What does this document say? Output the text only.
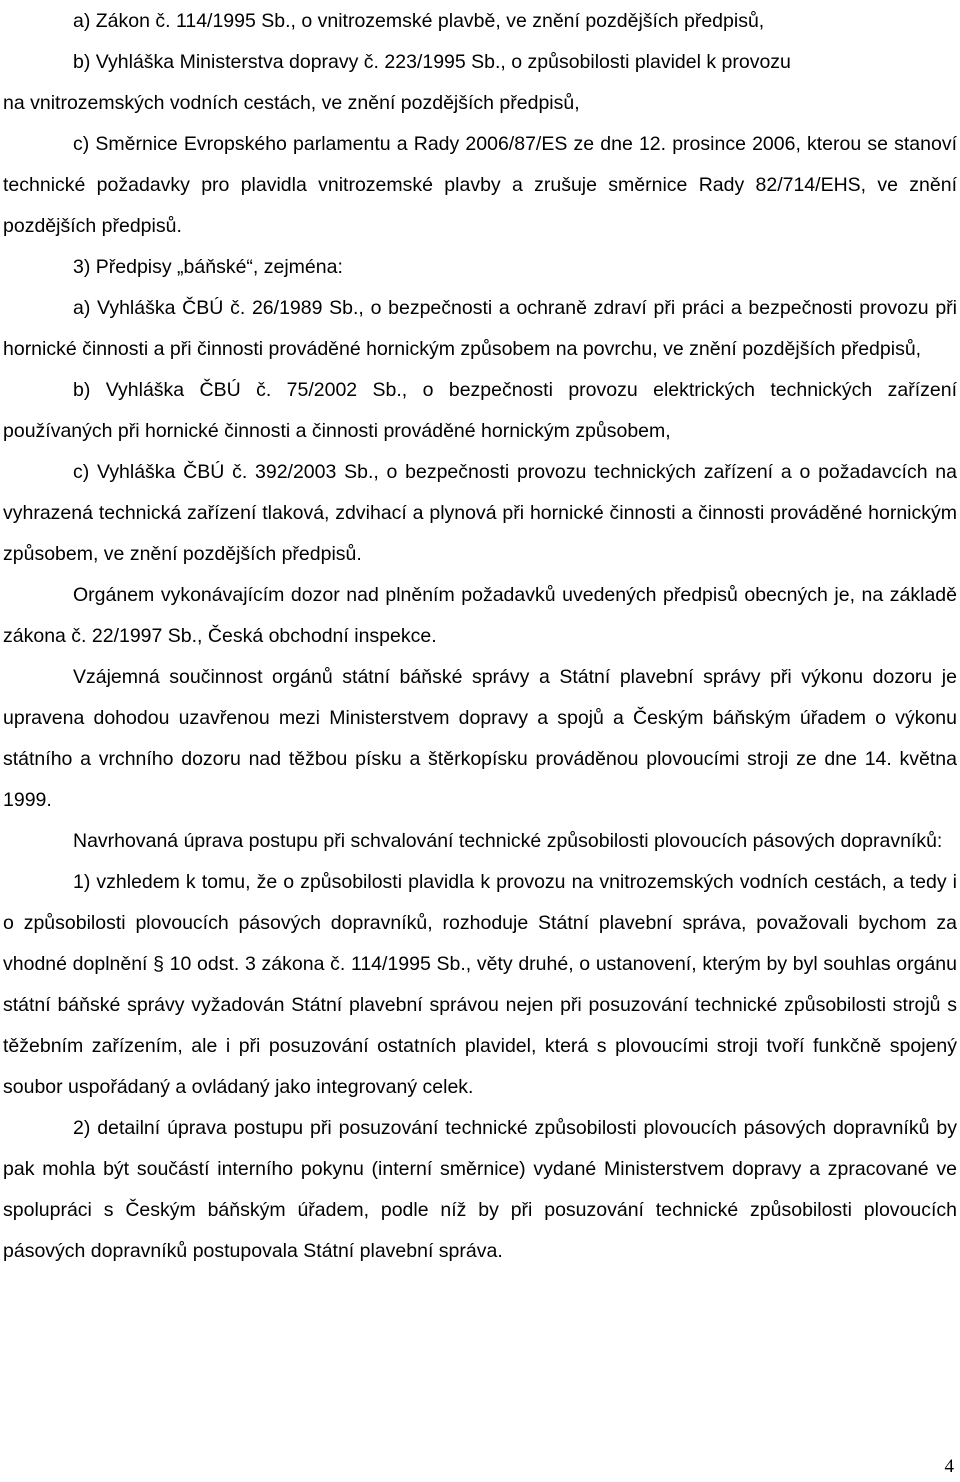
a) Zákon č. 114/1995 Sb., o vnitrozemské plavbě, ve znění pozdějších předpisů,

b) Vyhláška Ministerstva dopravy č. 223/1995 Sb., o způsobilosti plavidel k provozu

na vnitrozemských vodních cestách, ve znění pozdějších předpisů,

c) Směrnice Evropského parlamentu a Rady 2006/87/ES ze dne 12. prosince 2006, kterou se stanoví technické požadavky pro plavidla vnitrozemské plavby a zrušuje směrnice Rady 82/714/EHS, ve znění pozdějších předpisů.

3) Předpisy „báňské“, zejména:

a) Vyhláška ČBÚ č. 26/1989 Sb., o bezpečnosti a ochraně zdraví při práci a bezpečnosti provozu při hornické činnosti a při činnosti prováděné hornickým způsobem na povrchu, ve znění pozdějších předpisů,

b) Vyhláška ČBÚ č. 75/2002 Sb., o bezpečnosti provozu elektrických technických zařízení používaných při hornické činnosti a činnosti prováděné hornickým způsobem,

c) Vyhláška ČBÚ č. 392/2003 Sb., o bezpečnosti provozu technických zařízení a o požadavcích na vyhrazená technická zařízení tlaková, zdvihací a plynová při hornické činnosti a činnosti prováděné hornickým způsobem, ve znění pozdějších předpisů.

Orgánem vykonávajícím dozor nad plněním požadavků uvedených předpisů obecných je, na základě zákona č. 22/1997 Sb., Česká obchodní inspekce.

Vzájemná součinnost orgánů státní báňské správy a Státní plavební správy při výkonu dozoru je upravena dohodou uzavřenou mezi Ministerstvem dopravy a spojů a Českým báňským úřadem o výkonu státního a vrchního dozoru nad těžbou písku a štěrkopísku prováděnou plovoucími stroji ze dne 14. května 1999.

Navrhovaná úprava postupu při schvalování technické způsobilosti plovoucích pásových dopravníků:

1) vzhledem k tomu, že o způsobilosti plavidla k provozu na vnitrozemských vodních cestách, a tedy i o způsobilosti plovoucích pásových dopravníků, rozhoduje Státní plavební správa, považovali bychom za vhodné doplnění § 10 odst. 3 zákona č. 114/1995 Sb., věty druhé, o ustanovení, kterým by byl souhlas orgánu státní báňské správy vyžadován Státní plavební správou nejen při posuzování technické způsobilosti strojů s těžebním zařízením, ale i při posuzování ostatních plavidel, která s plovoucími stroji tvoří funkčně spojený soubor uspořádaný a ovládaný jako integrovaný celek.

2) detailní úprava postupu při posuzování technické způsobilosti plovoucích pásových dopravníků by pak mohla být součástí interního pokynu (interní směrnice) vydané Ministerstvem dopravy a zpracované ve spolupráci s Českým báňským úřadem, podle níž by při posuzování technické způsobilosti plovoucích pásových dopravníků postupovala Státní plavební správa.

4
